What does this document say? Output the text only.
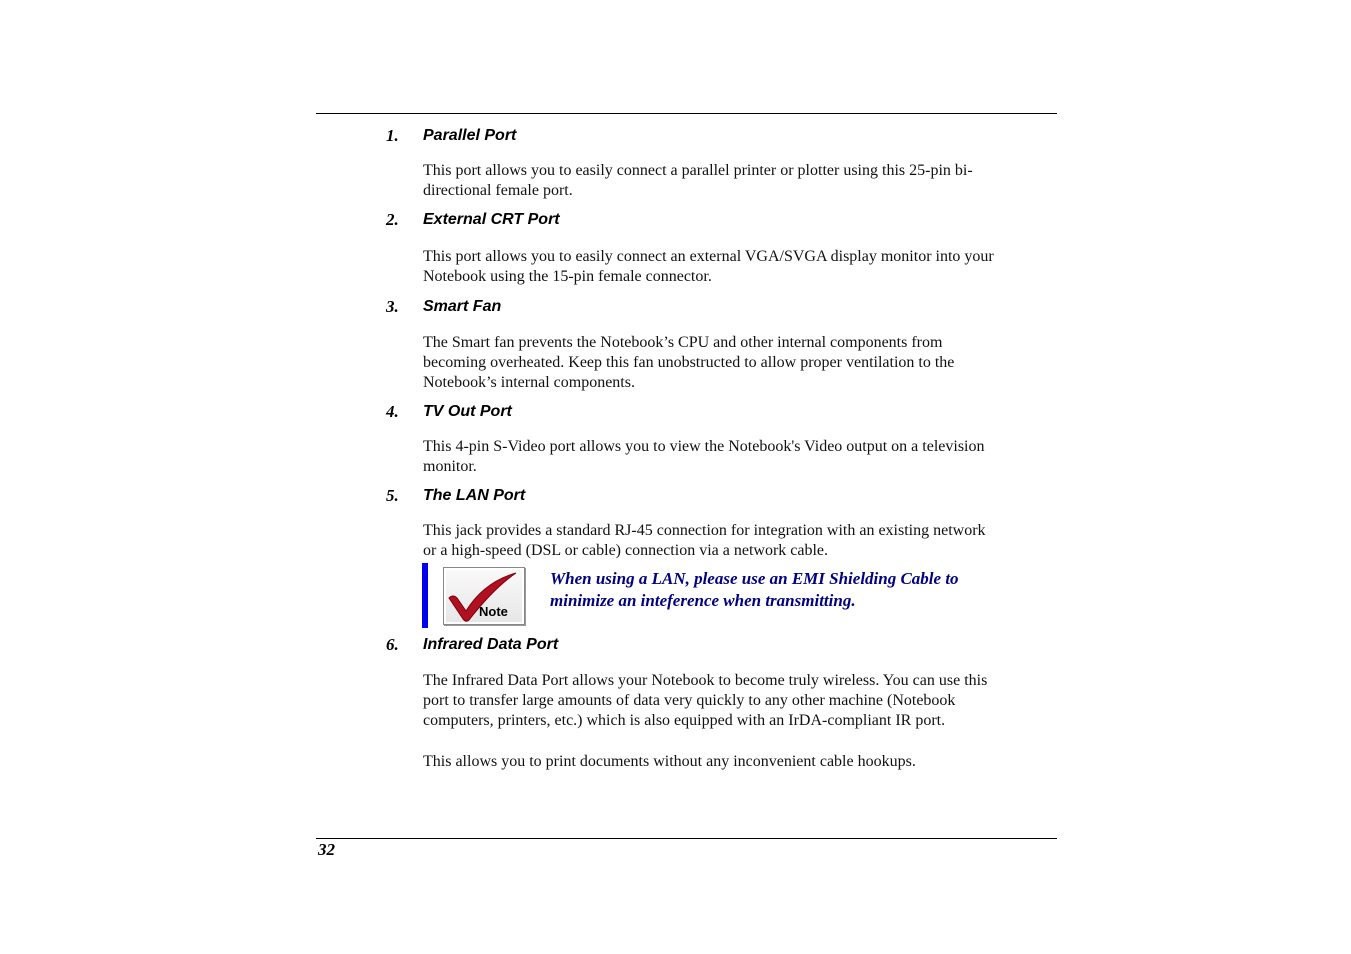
1. Parallel Port
This port allows you to easily connect a parallel printer or plotter using this 25-pin bi-
directional female port.
2. External CRT Port
This port allows you to easily connect an external VGA/SVGA display monitor into your
Notebook using the 15-pin female connector.
3. Smart Fan
The Smart fan prevents the Notebook’s CPU and other internal components from
becoming overheated. Keep this fan unobstructed to allow proper ventilation to the
Notebook’s internal components.
4. TV Out Port
This 4-pin S-Video port allows you to view the Notebook's Video output on a television
monitor.
5. The LAN Port
This jack provides a standard RJ-45 connection for integration with an existing network
or a high-speed (DSL or cable) connection via a network cable.
Note
When using a LAN, please use an EMI Shielding Cable to
minimize an inteference when transmitting.
6. Infrared Data Port
The Infrared Data Port allows your Notebook to become truly wireless. You can use this
port to transfer large amounts of data very quickly to any other machine (Notebook
computers, printers, etc.) which is also equipped with an IrDA-compliant IR port.
This allows you to print documents without any inconvenient cable hookups.
32
